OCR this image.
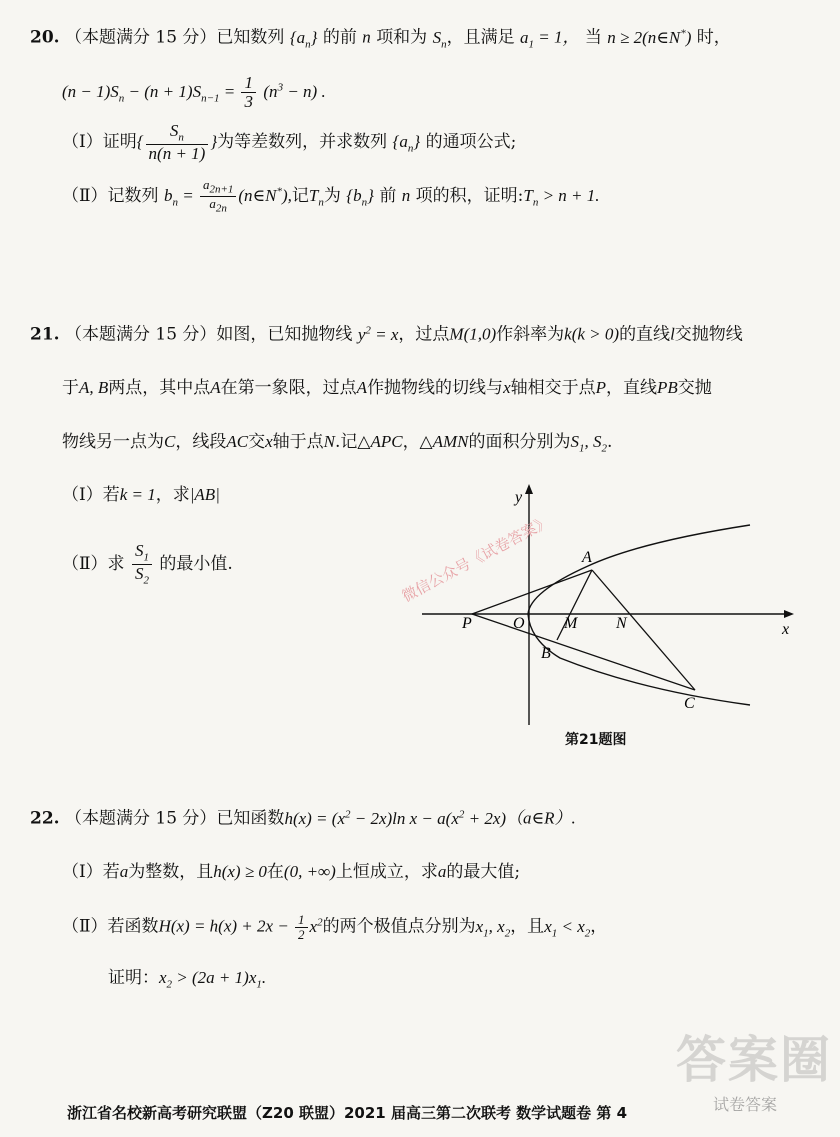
20. （本题满分 15 分）已知数列 $\{a_n\}$ 的前 n 项和为 $S_n$，且满足 $a_1 = 1$， 当 n ≥ 2(n∈N*) 时，
$(n - 1)S_n - (n + 1)S_{n-1} = \frac{1}{3} (n^3 - n)$ .
（Ⅰ）证明{ $\frac{S_n}{n(n + 1)}$ }为等差数列，并求数列 $\{a_n\}$ 的通项公式;
（Ⅱ）记数列 $b_n = \frac{a_{2n+1}}{a_{2n}}$ (n∈N*),记$T_n$为 $\{b_n\}$ 前 n 项的积，证明$:T_n > n + 1$.
21. （本题满分 15 分）如图，已知抛物线 $y^2 = x$，过点M(1,0)作斜率为k(k > 0)的直线l交抛物线
于A, B两点，其中点A在第一象限，过点A作抛物线的切线与x轴相交于点P，直线PB交抛
物线另一点为C，线段AC交x轴于点N.记△APC，△AMN的面积分别为$S_1$, $S_2$.
（Ⅰ）若k = 1，求|AB|
（Ⅱ）求 $\frac{S_1}{S_2}$ 的最小值.
y
x
O
P	M N
A
B
C
微信公众号《试卷答案》
第21题图
22. （本题满分 15 分）已知函数$h(x) = (x^2 - 2x)\ln$ $x - a(x^2$ + 2x)（a∈R）.
（Ⅰ）若a为整数，且h(x) ≥ 0在(0, +∞)上恒成立，求a的最大值;
（Ⅱ）若函数$H(x) = h(x) + 2x - \frac{1}{2} x^2$的两个极值点分别为$x_1$, $x_2$，且$x_1 < x_2$，
证明：$x_2 > (2a + 1)x_1$.
答案圈
试卷答案
浙江省名校新高考研究联盟（Z20 联盟）2021 届高三第二次联考 数学试题卷 第 4
